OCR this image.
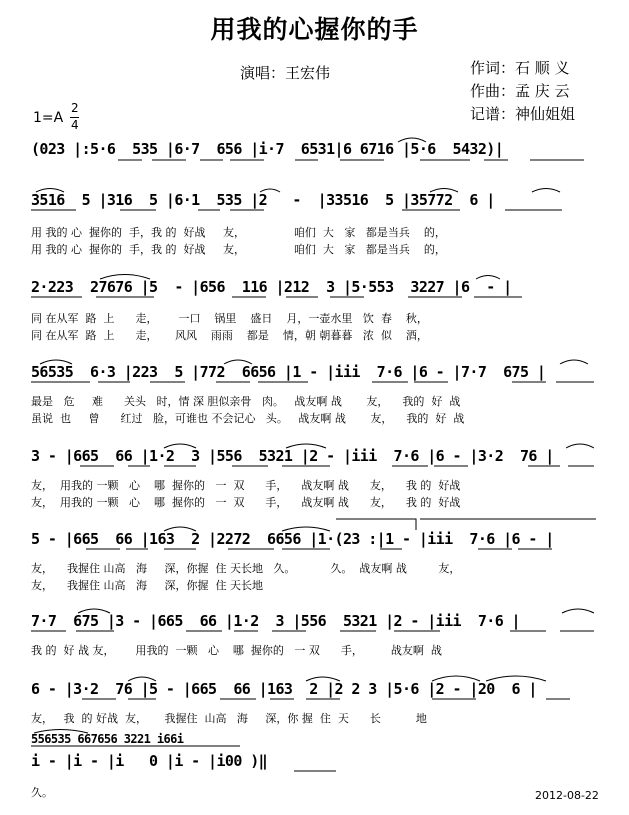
用我的心握你的手
演唱：王宏伟	作词：石 顺 义
作曲：孟 庆 云
记谱：神仙姐姐
1=A
2
4
(023 |:5·6  535 |6·7  656 |i·7  6531|6 6716 |5·6  5432)|
3516  5 |316  5 |6·1  535 |2   -  |33516  5 |35772  6 |
用 我的 心  握你的  手，我 的  好战     友，              咱们  大   家   都是当兵    的，
用 我的 心  握你的  手，我 的  好战     友，              咱们  大   家   都是当兵    的，
2·223  27676 |5  - |656  116 |212  3 |5·553  3227 |6  - |
同 在从军  路  上      走，      一口    锅里    盛日    月，一壶水里   饮  春    秋，
同 在从军  路  上      走，     风风    雨雨    都是    情，朝 朝暮暮   浓  似    酒，
56535  6·3 |223  5 |772  6656 |1 - |iii  7·6 |6 - |7·7  675 |
最是   危     难      关头   时，情 深 胆似亲骨   肉。   战友啊 战       友，    我的  好  战
虽说  也     曾      红过   脸，可谁也 不会记心   头。   战友啊 战       友，    我的  好  战
3 - |665  66 |1·2  3 |556  5321 |2 - |iii  7·6 |6 - |3·2  76 |
友，  用我的 一颗   心    哪  握你的   一  双      手，    战友啊 战      友，    我 的  好战
友，  用我的 一颗   心    哪  握你的   一  双      手，    战友啊 战      友，    我 的  好战
5 - |665  66 |163  2 |2272  6656 |1·(23 :|1 - |iii  7·6 |6 - |
友，    我握住 山高   海     深，你握  住 天长地   久。          久。  战友啊 战         友，
友，    我握住 山高   海     深，你握  住 天长地
7·7  675 |3 - |665  66 |1·2  3 |556  5321 |2 - |iii  7·6 |
我 的  好 战 友，      用我的  一颗   心    哪  握你的   一 双      手，        战友啊  战
6 - |3·2  76 |5 - |665  66 |163  2 |2 2 3 |5·6 |2 - |20  6 |
友，   我  的 好战  友，     我握住  山高   海     深，你 握  住  天      长          地
556535 667656 3221 i66i
i - |i - |i   0 |i - |i00 )‖
久。	2012-08-22
